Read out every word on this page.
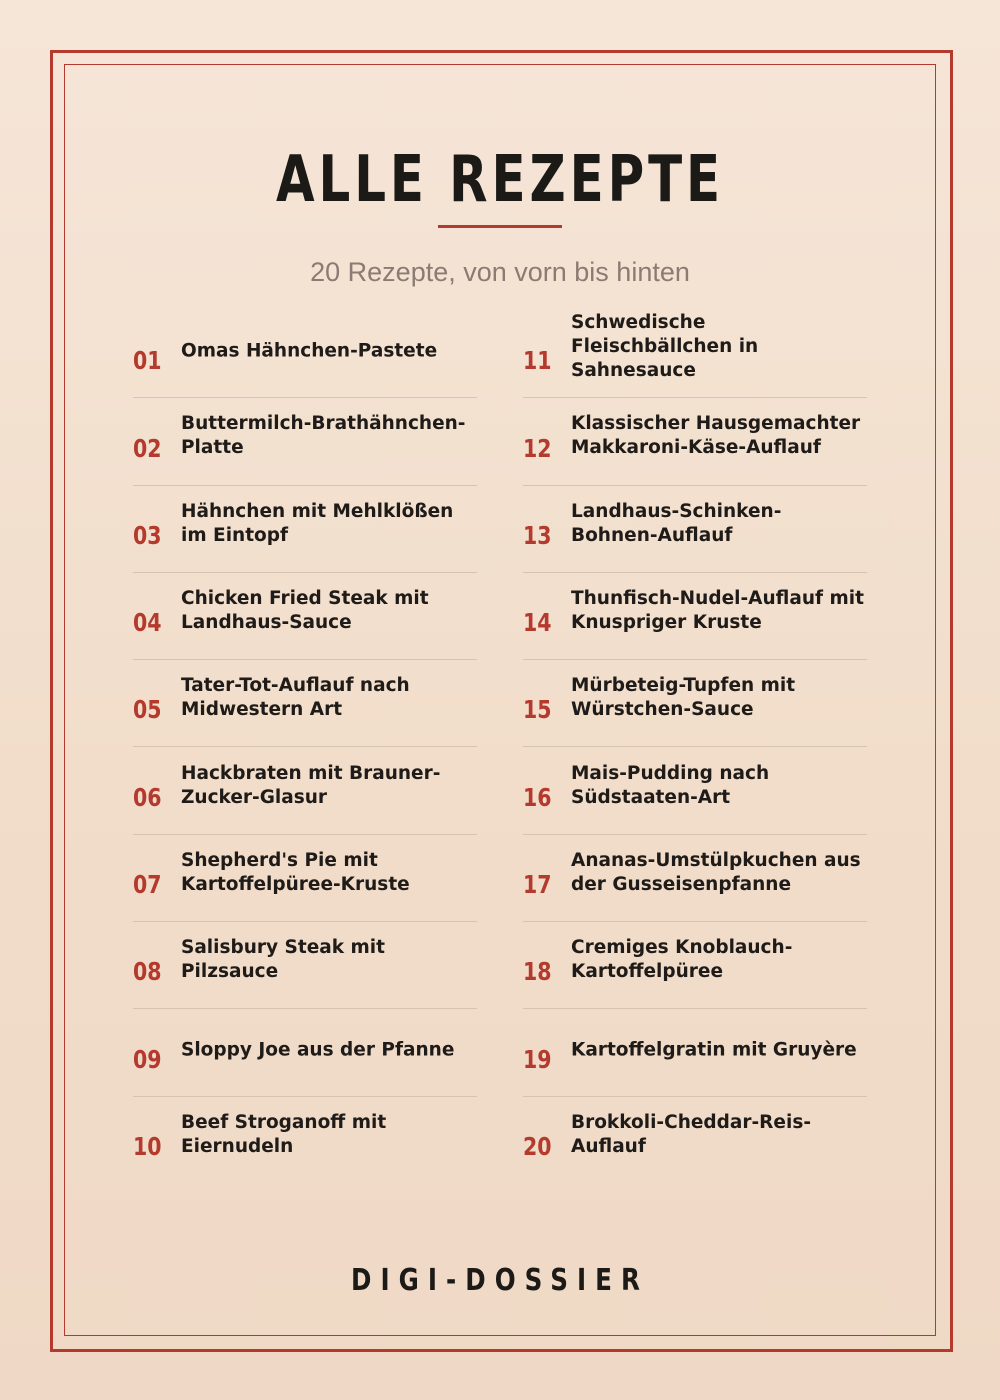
ALLE REZEPTE
20 Rezepte, von vorn bis hinten
01 Omas Hähnchen-Pastete
02
Buttermilch-Brathähnchen-Platte
03
Hähnchen mit Mehlklößen im Eintopf
04
Chicken Fried Steak mit Landhaus-Sauce
05
Tater-Tot-Auflauf nach Midwestern Art
06
Hackbraten mit Brauner-Zucker-Glasur
07
Shepherd's Pie mit Kartoffelpüree-Kruste
08
Salisbury Steak mit Pilzsauce
09 Sloppy Joe aus der Pfanne
10
Beef Stroganoff mit Eiernudeln
11
Schwedische Fleischbällchen in Sahnesauce
12
Klassischer Hausgemachter Makkaroni-Käse-Auflauf
13
Landhaus-Schinken-Bohnen-Auflauf
14
Thunfisch-Nudel-Auflauf mit Knuspriger Kruste
15
Mürbeteig-Tupfen mit Würstchen-Sauce
16
Mais-Pudding nach Südstaaten-Art
17
Ananas-Umstülpkuchen aus der Gusseisenpfanne
18
Cremiges Knoblauch-Kartoffelpüree
19 Kartoffelgratin mit Gruyère
20
Brokkoli-Cheddar-Reis-Auflauf
DIGI-DOSSIER
